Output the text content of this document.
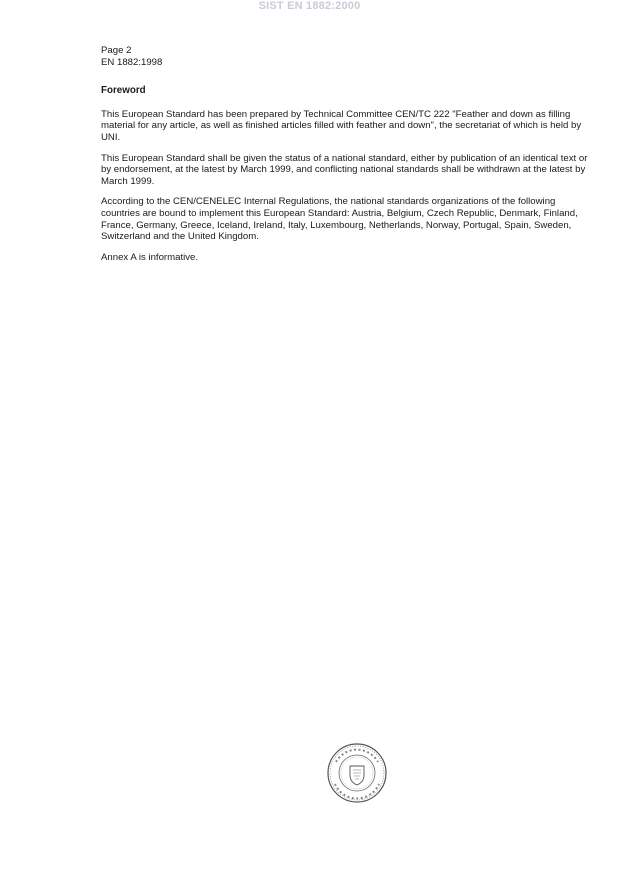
SIST EN 1882:2000

Page 2

EN 1882:1998

Foreword

This European Standard has been prepared by Technical Committee CEN/TC 222 "Feather and down as filling material for any article, as well as finished articles filled with feather and down", the secretariat of which is held by UNI.

This European Standard shall be given the status of a national standard, either by publication of an identical text or by endorsement, at the latest by March 1999, and conflicting national standards shall be withdrawn at the latest by March 1999.

According to the CEN/CENELEC Internal Regulations, the national standards organizations of the following countries are bound to implement this European Standard: Austria, Belgium, Czech Republic, Denmark, Finland, France, Germany, Greece, Iceland, Ireland, Italy, Luxembourg, Netherlands, Norway, Portugal, Spain, Sweden, Switzerland and the United Kingdom.

Annex A is informative.
